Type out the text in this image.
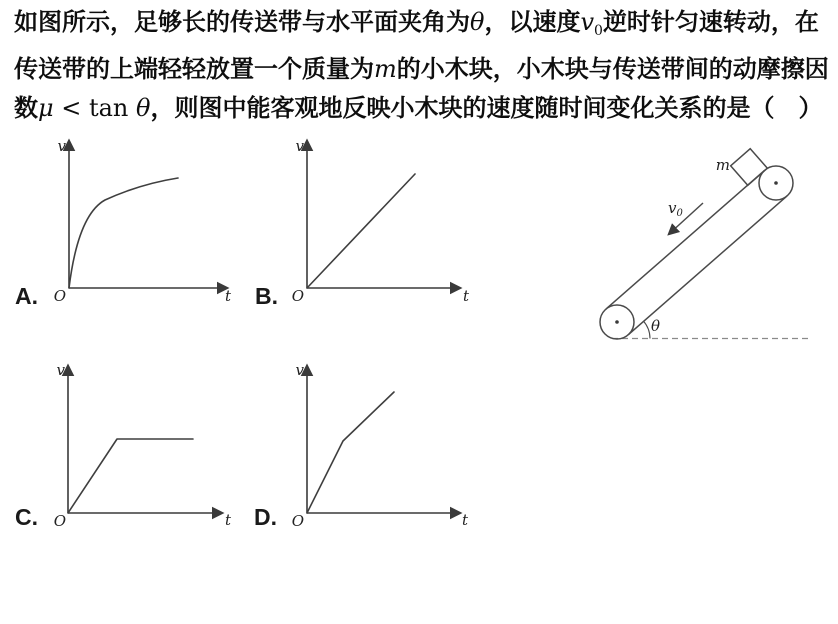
如图所示，足够长的传送带与水平面夹角为θ，以速度$v_0$逆时针匀速转动，在

传送带的上端轻轻放置一个质量为m的小木块，小木块与传送带间的动摩擦因

数μ < tan θ，则图中能客观地反映小木块的速度随时间变化关系的是（　）

v
O	t
A.
v
O	t
B.
v
O	t
C.
v
O	t
D.
m
$v_0$
θ
